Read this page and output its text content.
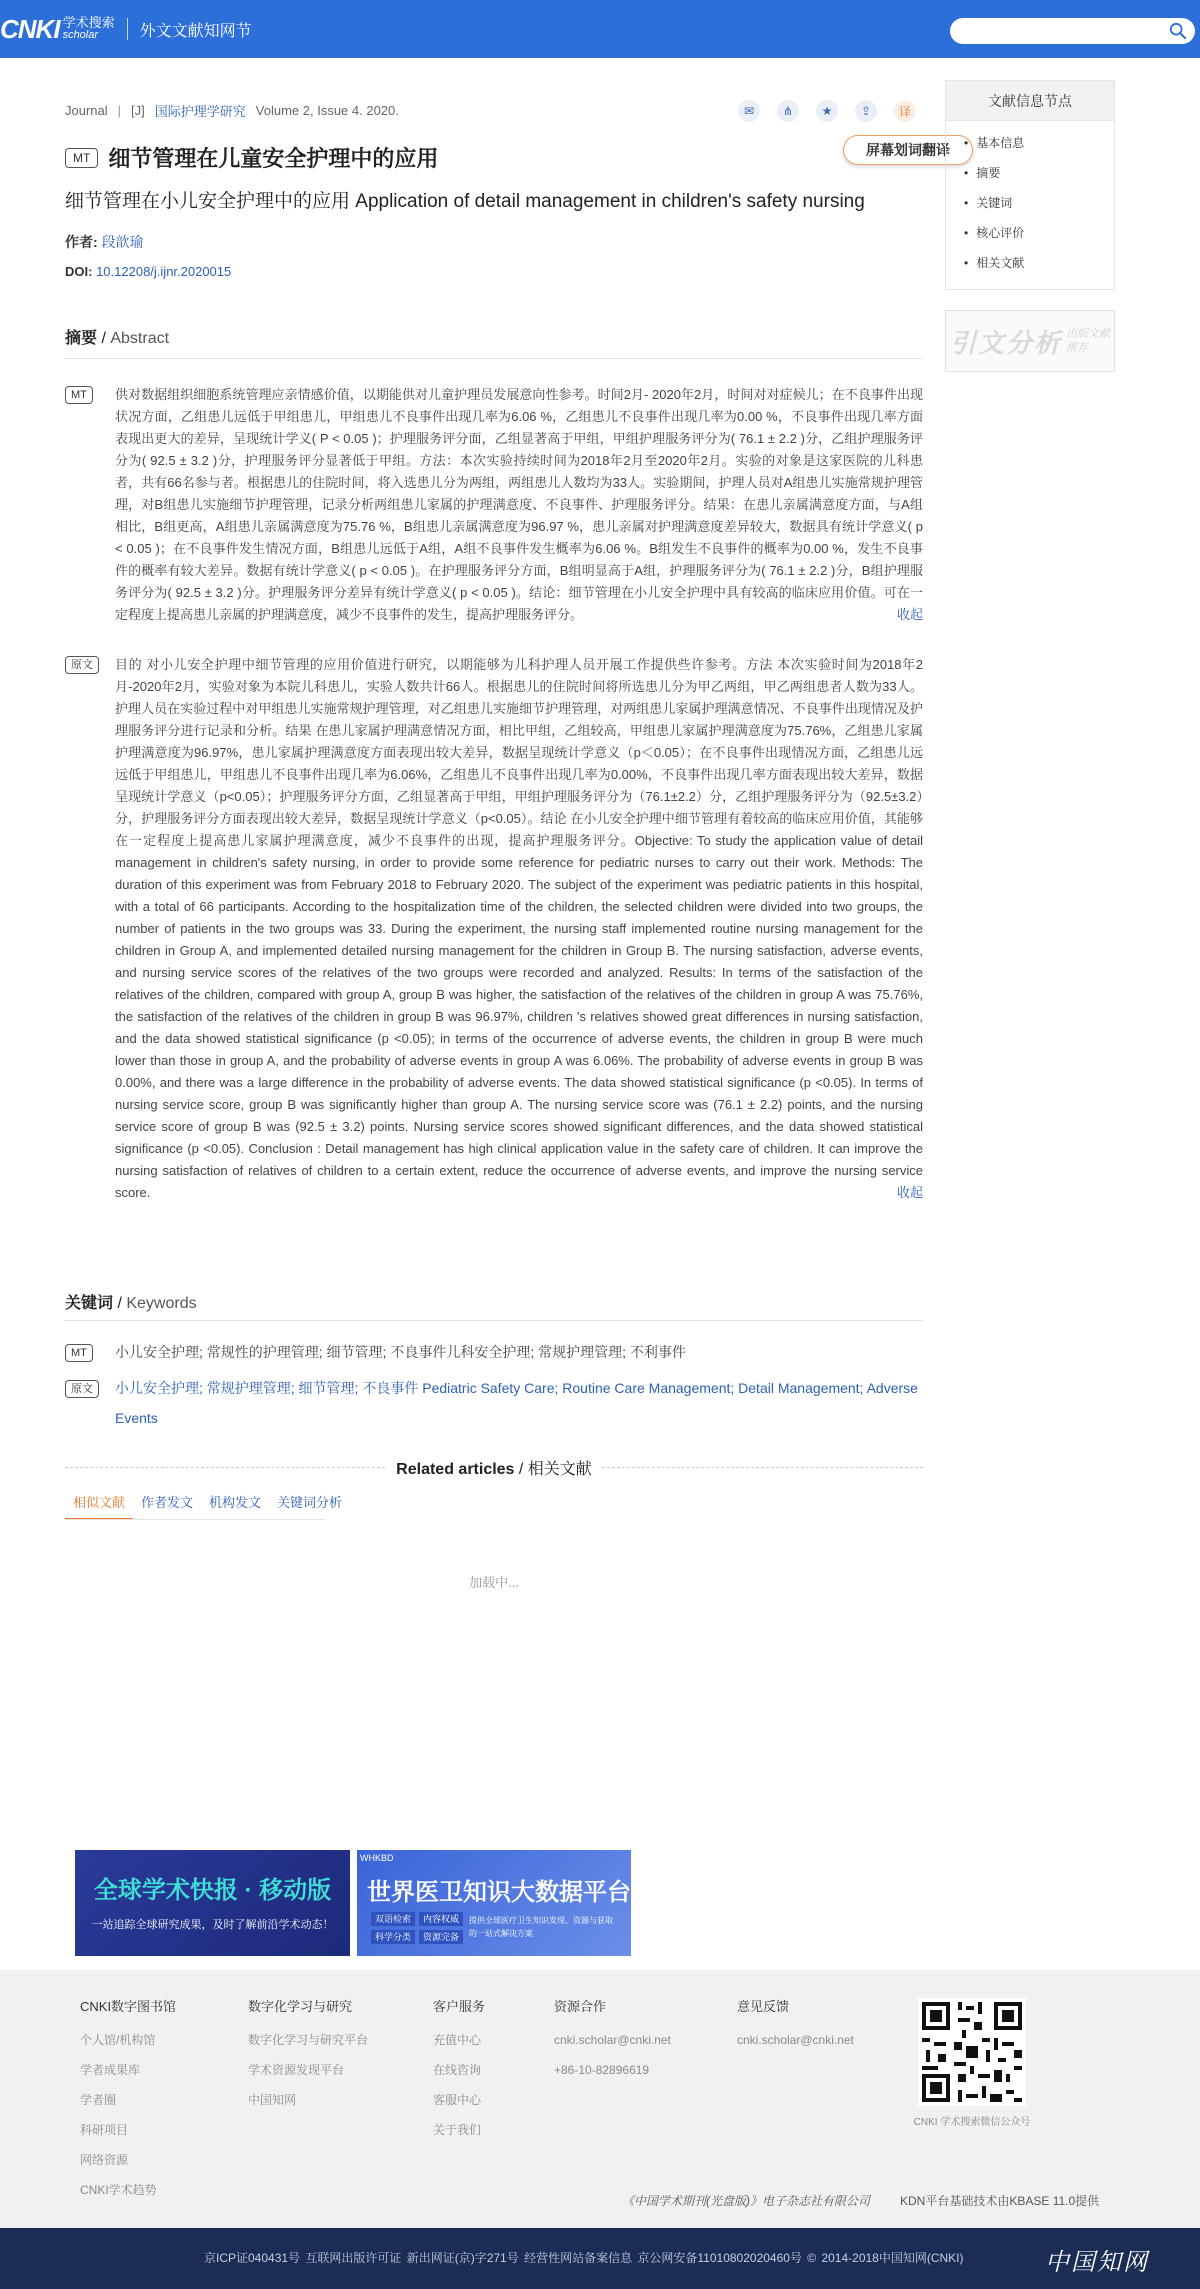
CNKI 学术搜索
scholar	外文文献知网节
Journal | [J] 国际护理学研究 Volume 2, Issue 4. 2020.	✉	⋔	★	⇪	译
屏幕划词翻译
MT 细节管理在儿童安全护理中的应用
细节管理在小儿安全护理中的应用 Application of detail management in children's safety nursing
作者: 段歆瑜
DOI: 10.12208/j.ijnr.2020015
摘要 / Abstract
MT	供对数据组织细胞系统管理应亲情感价值，以期能供对儿童护理员发展意向性参考。时间2月- 2020年2月，时间对对症候儿；在不良事件出现状况方面，乙组患儿远低于甲组患儿，甲组患儿不良事件出现几率为6.06 %，乙组患儿不良事件出现几率为0.00 %，不良事件出现几率方面表现出更大的差异，呈现统计学义( P < 0.05 )；护理服务评分面，乙组显著高于甲组，甲组护理服务评分为( 76.1 ± 2.2 )分，乙组护理服务评分为( 92.5 ± 3.2 )分，护理服务评分显著低于甲组。方法：本次实验持续时间为2018年2月至2020年2月。实验的对象是这家医院的儿科患者，共有66名参与者。根据患儿的住院时间，将入选患儿分为两组，两组患儿人数均为33人。实验期间，护理人员对A组患儿实施常规护理管理，对B组患儿实施细节护理管理，记录分析两组患儿家属的护理满意度、不良事件、护理服务评分。结果：在患儿亲属满意度方面，与A组相比，B组更高，A组患儿亲属满意度为75.76 %，B组患儿亲属满意度为96.97 %，患儿亲属对护理满意度差异较大，数据具有统计学意义( p < 0.05 )；在不良事件发生情况方面，B组患儿远低于A组，A组不良事件发生概率为6.06 %。B组发生不良事件的概率为0.00 %，发生不良事件的概率有较大差异。数据有统计学意义( p < 0.05 )。在护理服务评分方面，B组明显高于A组，护理服务评分为( 76.1 ± 2.2 )分，B组护理服务评分为( 92.5 ± 3.2 )分。护理服务评分差异有统计学意义( p < 0.05 )。结论：细节管理在小儿安全护理中具有较高的临床应用价值。可在一定程度上提高患儿亲属的护理满意度，减少不良事件的发生，提高护理服务评分。	收起
原文	目的 对小儿安全护理中细节管理的应用价值进行研究，以期能够为儿科护理人员开展工作提供些许参考。方法 本次实验时间为2018年2月-2020年2月，实验对象为本院儿科患儿，实验人数共计66人。根据患儿的住院时间将所选患儿分为甲乙两组，甲乙两组患者人数为33人。护理人员在实验过程中对甲组患儿实施常规护理管理，对乙组患儿实施细节护理管理，对两组患儿家属护理满意情况、不良事件出现情况及护理服务评分进行记录和分析。结果 在患儿家属护理满意情况方面，相比甲组，乙组较高，甲组患儿家属护理满意度为75.76%，乙组患儿家属护理满意度为96.97%，患儿家属护理满意度方面表现出较大差异，数据呈现统计学意义（p＜0.05）；在不良事件出现情况方面，乙组患儿远远低于甲组患儿，甲组患儿不良事件出现几率为6.06%，乙组患儿不良事件出现几率为0.00%，不良事件出现几率方面表现出较大差异，数据呈现统计学意义（p<0.05）；护理服务评分方面，乙组显著高于甲组，甲组护理服务评分为（76.1±2.2）分，乙组护理服务评分为（92.5±3.2）分，护理服务评分方面表现出较大差异，数据呈现统计学意义（p<0.05）。结论 在小儿安全护理中细节管理有着较高的临床应用价值，其能够在一定程度上提高患儿家属护理满意度，减少不良事件的出现，提高护理服务评分。Objective: To study the application value of detail management in children's safety nursing, in order to provide some reference for pediatric nurses to carry out their work. Methods: The duration of this experiment was from February 2018 to February 2020. The subject of the experiment was pediatric patients in this hospital, with a total of 66 participants. According to the hospitalization time of the children, the selected children were divided into two groups, the number of patients in the two groups was 33. During the experiment, the nursing staff implemented routine nursing management for the children in Group A, and implemented detailed nursing management for the children in Group B. The nursing satisfaction, adverse events, and nursing service scores of the relatives of the two groups were recorded and analyzed. Results: In terms of the satisfaction of the relatives of the children, compared with group A, group B was higher, the satisfaction of the relatives of the children in group A was 75.76%, the satisfaction of the relatives of the children in group B was 96.97%, children 's relatives showed great differences in nursing satisfaction, and the data showed statistical significance (p <0.05); in terms of the occurrence of adverse events, the children in group B were much lower than those in group A, and the probability of adverse events in group A was 6.06%. The probability of adverse events in group B was 0.00%, and there was a large difference in the probability of adverse events. The data showed statistical significance (p <0.05). In terms of nursing service score, group B was significantly higher than group A. The nursing service score was (76.1 ± 2.2) points, and the nursing service score of group B was (92.5 ± 3.2) points. Nursing service scores showed significant differences, and the data showed statistical significance (p <0.05). Conclusion : Detail management has high clinical application value in the safety care of children. It can improve the nursing satisfaction of relatives of children to a certain extent, reduce the occurrence of adverse events, and improve the nursing service score.	收起
关键词 / Keywords
MT	小儿安全护理; 常规性的护理管理; 细节管理; 不良事件儿科安全护理; 常规护理管理; 不利事件
原文	小儿安全护理; 常规护理管理; 细节管理; 不良事件 Pediatric Safety Care; Routine Care Management; Detail Management; Adverse Events
Related articles / 相关文献
相似文献	作者发文	机构发文	关键词分析
加载中...
文献信息节点
• 基本信息
• 摘要
• 关键词
• 核心评价
• 相关文献
引文分析 出版文献
推荐
全球学术快报 · 移动版
一站追踪全球研究成果，及时了解前沿学术动态！
WHKBD
世界医卫知识大数据平台
双语检索	内容权威
科学分类	资源完备
提供全球医疗卫生知识发现、资源与获取的一站式解决方案
CNKI数字图书馆
个人馆/机构馆
学者成果库
学者圈
科研项目
网络资源
CNKI学术趋势
数字化学习与研究
数字化学习与研究平台
学术资源发现平台
中国知网
客户服务
充值中心
在线咨询
客服中心
关于我们
资源合作
cnki.scholar@cnki.net
+86-10-82896619
意见反馈
cnki.scholar@cnki.net
CNKI 学术搜索微信公众号
《中国学术期刊(光盘版)》电子杂志社有限公司	KDN平台基础技术由KBASE 11.0提供
京ICP证040431号 互联网出版许可证 新出网证(京)字271号 经营性网站备案信息 京公网安备11010802020460号 © 2014-2018中国知网(CNKI)	中国知网
